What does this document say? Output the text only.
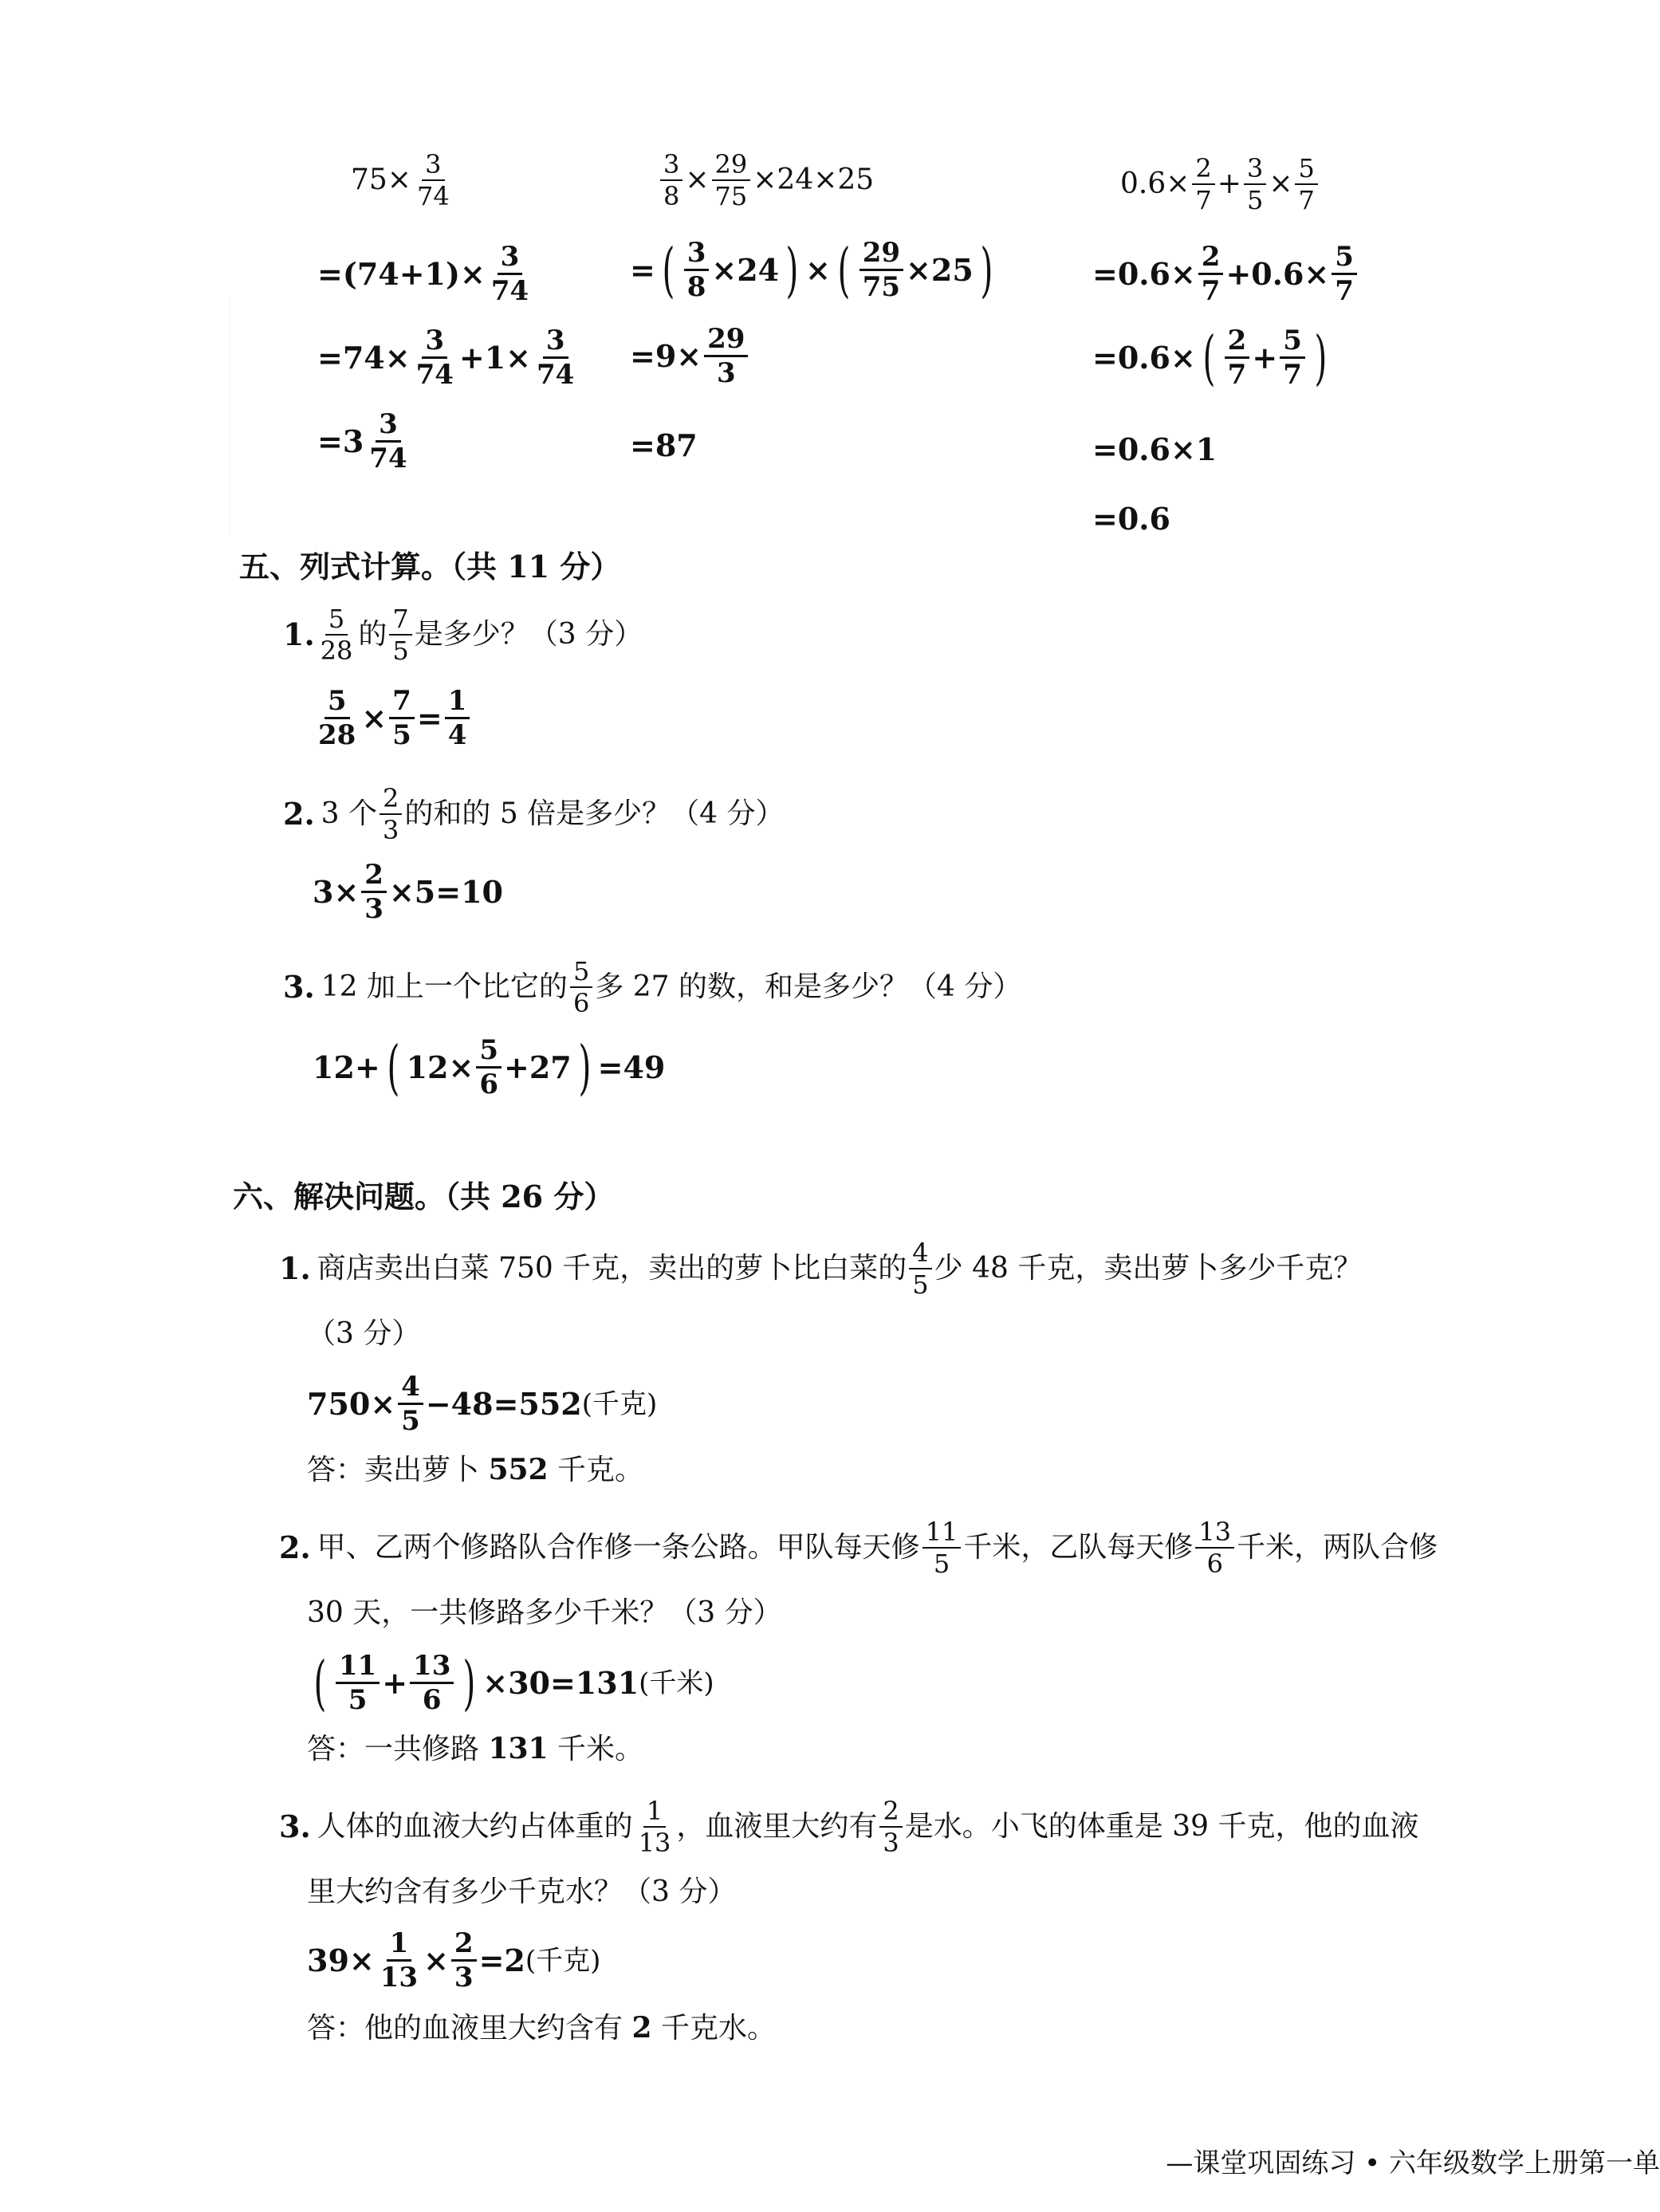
$75\times \frac{3}{74}$
$=(74+1)\times \frac{3}{74}$
$=74\times \frac{3}{74} +1\times \frac{3}{74}$
$=3 \frac{3}{74}$
$\frac{3}{8} \times \frac{29}{75} \times 24\times 25$
= ( $\frac{3}{8} \times 24$ ) × ( $\frac{29}{75} \times 25$ )
$=9\times \frac{29}{3}$
=87
$0.6\times \frac{2}{7} + \frac{3}{5} \times \frac{5}{7}$
$=0.6\times \frac{2}{7} +0.6\times \frac{5}{7}$
=0.6× ( $\frac{2}{7} + \frac{5}{7}$ )
=0.6×1
=0.6
五、列式计算。（共 11 分）
1. $\frac{5}{28}$ 的 $\frac{7}{5}$ 是多少？（3 分）
$\frac{5}{28} \times \frac{7}{5} = \frac{1}{4}$
2. 3 个 $\frac{2}{3}$ 的和的 5 倍是多少？（4 分）
$3\times \frac{2}{3} \times 5=10$
3. 12 加上一个比它的 $\frac{5}{6}$ 多 27 的数，和是多少？（4 分）
12+ ( $12\times \frac{5}{6} +27$ ) =49
六、解决问题。（共 26 分）
1. 商店卖出白菜 750 千克，卖出的萝卜比白菜的 $\frac{4}{5}$ 少 48 千克，卖出萝卜多少千克？
（3 分）
$750\times \frac{4}{5} -48=552$ (千克)
答：卖出萝卜 552 千克。
2. 甲、乙两个修路队合作修一条公路。甲队每天修 $\frac{11}{5}$ 千米，乙队每天修 $\frac{13}{6}$ 千米，两队合修
30 天，一共修路多少千米？（3 分）
( $\frac{11}{5} + \frac{13}{6}$ ) ×30=131 (千米)
答：一共修路 131 千米。
3. 人体的血液大约占体重的 $\frac{1}{13}$ ，血液里大约有 $\frac{2}{3}$ 是水。小飞的体重是 39 千克，他的血液
里大约含有多少千克水？（3 分）
$39\times \frac{1}{13} \times \frac{2}{3} =2$ (千克)
答：他的血液里大约含有 2 千克水。
—课堂巩固练习 • 六年级数学上册第一单
